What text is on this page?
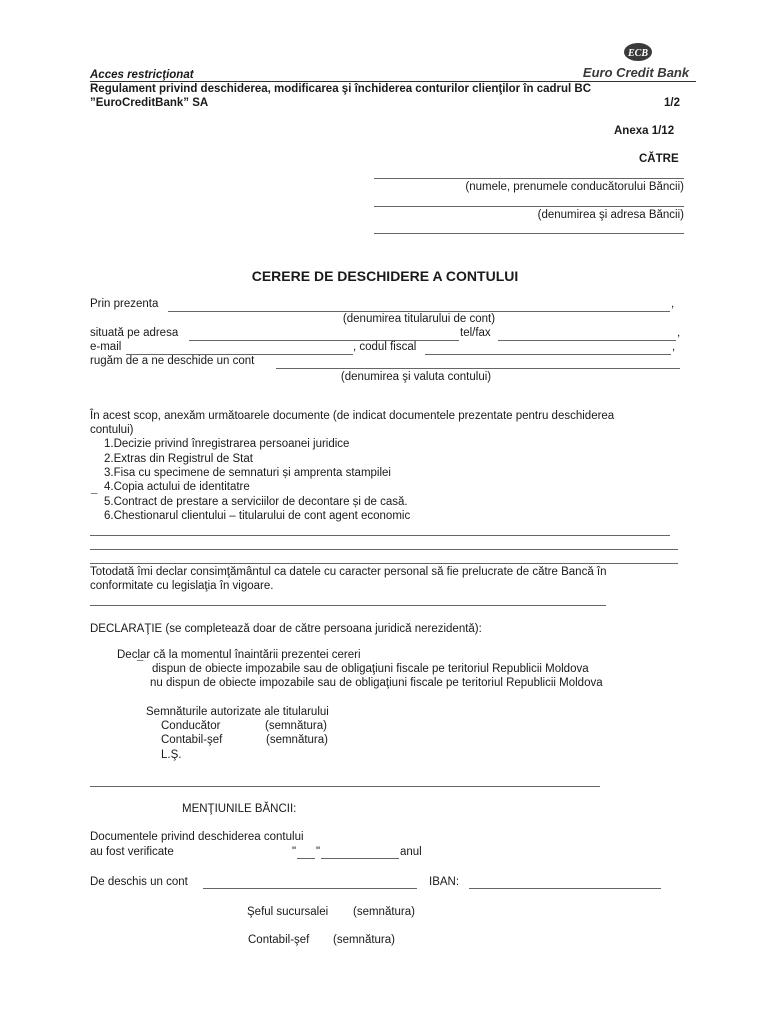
Acces restricţionat
Regulament privind deschiderea, modificarea şi închiderea conturilor clienţilor în cadrul BC
”EuroCreditBank” SA	1/2
ECB
Euro Credit Bank
Anexa 1/12
CĂTRE
(numele, prenumele conducătorului Băncii)
(denumirea şi adresa Băncii)
CERERE DE DESCHIDERE A CONTULUI
Prin prezenta	,
(denumirea titularului de cont)
situată pe adresa	tel/fax	,
e-mail	, codul fiscal	,
rugăm de a ne deschide un cont
(denumirea şi valuta contului)
În acest scop, anexăm următoarele documente (de indicat documentele prezentate pentru deschiderea
contului)
1.Decizie privind înregistrarea persoanei juridice
2.Extras din Registrul de Stat
3.Fisa cu specimene de semnaturi și amprenta stampilei
4.Copia actului de identitatre
¯ 5.Contract de prestare a serviciilor de decontare și de casă.
6.Chestionarul clientului – titularului de cont agent economic
Totodată îmi declar consimţământul ca datele cu caracter personal să fie prelucrate de către Bancă în
conformitate cu legislaţia în vigoare.
DECLARAŢIE (se completează doar de către persoana juridică nerezidentă):
Declar că la momentul înaintării prezentei cereri
¯ dispun de obiecte impozabile sau de obligaţiuni fiscale pe teritoriul Republicii Moldova
nu dispun de obiecte impozabile sau de obligaţiuni fiscale pe teritoriul Republicii Moldova
Semnăturile autorizate ale titularului
Conducător	(semnătura)
Contabil-şef	(semnătura)
L.Ş.
MENŢIUNILE BĂNCII:
Documentele privind deschiderea contului
au fost verificate	" "	anul
De deschis un cont	IBAN:
Şeful sucursalei (semnătura)
Contabil-şef (semnătura)
